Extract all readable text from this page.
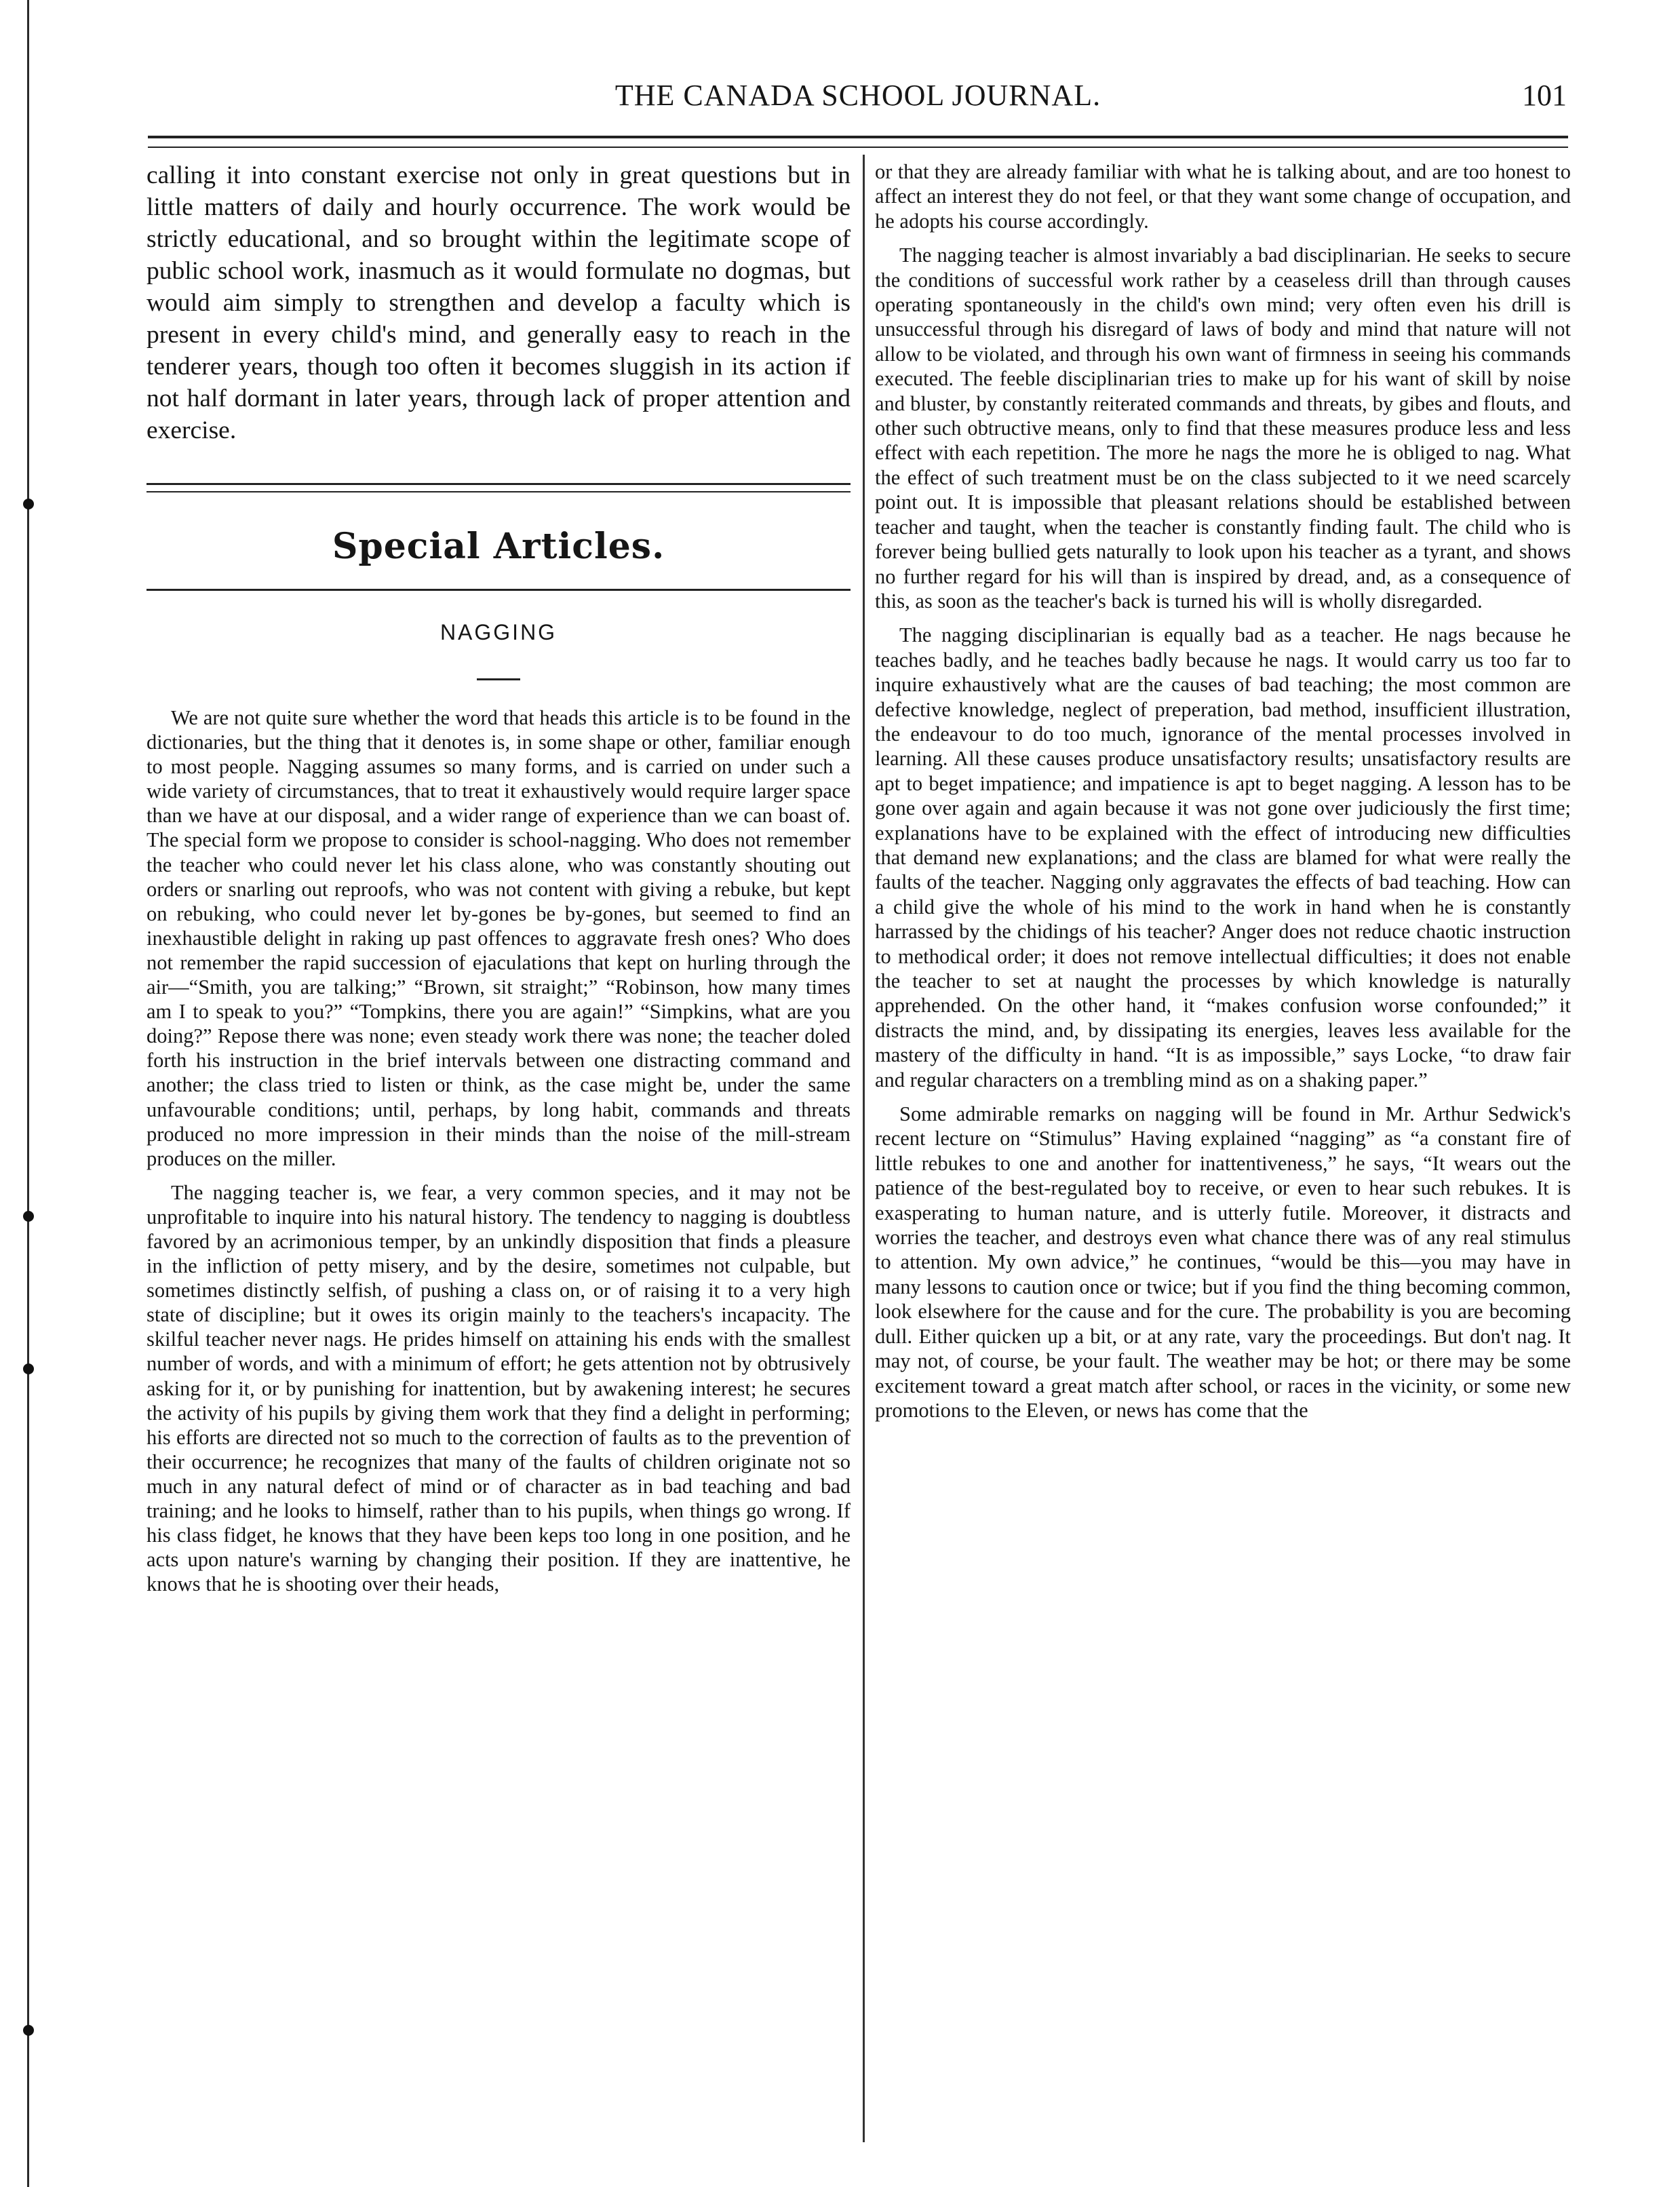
THE CANADA SCHOOL JOURNAL.	101

calling it into constant exercise not only in great questions but in little matters of daily and hourly occurrence. The work would be strictly educational, and so brought within the legitimate scope of public school work, inasmuch as it would formulate no dogmas, but would aim simply to strengthen and develop a faculty which is present in every child's mind, and generally easy to reach in the tenderer years, though too often it becomes sluggish in its action if not half dormant in later years, through lack of proper attention and exercise.

Special Articles.
NAGGING

We are not quite sure whether the word that heads this article is to be found in the dictionaries, but the thing that it denotes is, in some shape or other, familiar enough to most people. Nagging assumes so many forms, and is carried on under such a wide variety of circumstances, that to treat it exhaustively would require larger space than we have at our disposal, and a wider range of experience than we can boast of. The special form we propose to consider is school-nagging. Who does not remember the teacher who could never let his class alone, who was constantly shouting out orders or snarling out reproofs, who was not content with giving a rebuke, but kept on rebuking, who could never let by-gones be by-gones, but seemed to find an inexhaustible delight in raking up past offences to aggravate fresh ones? Who does not remember the rapid succession of ejaculations that kept on hurling through the air—“Smith, you are talking;” “Brown, sit straight;” “Robinson, how many times am I to speak to you?” “Tompkins, there you are again!” “Simpkins, what are you doing?” Repose there was none; even steady work there was none; the teacher doled forth his instruction in the brief intervals between one distracting command and another; the class tried to listen or think, as the case might be, under the same unfavourable conditions; until, perhaps, by long habit, commands and threats produced no more impression in their minds than the noise of the mill-stream produces on the miller.

The nagging teacher is, we fear, a very common species, and it may not be unprofitable to inquire into his natural history. The tendency to nagging is doubtless favored by an acrimonious temper, by an unkindly disposition that finds a pleasure in the infliction of petty misery, and by the desire, sometimes not culpable, but sometimes distinctly selfish, of pushing a class on, or of raising it to a very high state of discipline; but it owes its origin mainly to the teachers's incapacity. The skilful teacher never nags. He prides himself on attaining his ends with the smallest number of words, and with a minimum of effort; he gets attention not by obtrusively asking for it, or by punishing for inattention, but by awakening interest; he secures the activity of his pupils by giving them work that they find a delight in performing; his efforts are directed not so much to the correction of faults as to the prevention of their occurrence; he recognizes that many of the faults of children originate not so much in any natural defect of mind or of character as in bad teaching and bad training; and he looks to himself, rather than to his pupils, when things go wrong. If his class fidget, he knows that they have been keps too long in one position, and he acts upon nature's warning by changing their position. If they are inattentive, he knows that he is shooting over their heads,

or that they are already familiar with what he is talking about, and are too honest to affect an interest they do not feel, or that they want some change of occupation, and he adopts his course accordingly.

The nagging teacher is almost invariably a bad disciplinarian. He seeks to secure the conditions of successful work rather by a ceaseless drill than through causes operating spontaneously in the child's own mind; very often even his drill is unsuccessful through his disregard of laws of body and mind that nature will not allow to be violated, and through his own want of firmness in seeing his commands executed. The feeble disciplinarian tries to make up for his want of skill by noise and bluster, by constantly reiterated commands and threats, by gibes and flouts, and other such obtructive means, only to find that these measures produce less and less effect with each repetition. The more he nags the more he is obliged to nag. What the effect of such treatment must be on the class subjected to it we need scarcely point out. It is impossible that pleasant relations should be established between teacher and taught, when the teacher is constantly finding fault. The child who is forever being bullied gets naturally to look upon his teacher as a tyrant, and shows no further regard for his will than is inspired by dread, and, as a consequence of this, as soon as the teacher's back is turned his will is wholly disregarded.

The nagging disciplinarian is equally bad as a teacher. He nags because he teaches badly, and he teaches badly because he nags. It would carry us too far to inquire exhaustively what are the causes of bad teaching; the most common are defective knowledge, neglect of preperation, bad method, insufficient illustration, the endeavour to do too much, ignorance of the mental processes involved in learning. All these causes produce unsatisfactory results; unsatisfactory results are apt to beget impatience; and impatience is apt to beget nagging. A lesson has to be gone over again and again because it was not gone over judiciously the first time; explanations have to be explained with the effect of introducing new difficulties that demand new explanations; and the class are blamed for what were really the faults of the teacher. Nagging only aggravates the effects of bad teaching. How can a child give the whole of his mind to the work in hand when he is constantly harrassed by the chidings of his teacher? Anger does not reduce chaotic instruction to methodical order; it does not remove intellectual difficulties; it does not enable the teacher to set at naught the processes by which knowledge is naturally apprehended. On the other hand, it “makes confusion worse confounded;” it distracts the mind, and, by dissipating its energies, leaves less available for the mastery of the difficulty in hand. “It is as impossible,” says Locke, “to draw fair and regular characters on a trembling mind as on a shaking paper.”

Some admirable remarks on nagging will be found in Mr. Arthur Sedwick's recent lecture on “Stimulus” Having explained “nagging” as “a constant fire of little rebukes to one and another for inattentiveness,” he says, “It wears out the patience of the best-regulated boy to receive, or even to hear such rebukes. It is exasperating to human nature, and is utterly futile. Moreover, it distracts and worries the teacher, and destroys even what chance there was of any real stimulus to attention. My own advice,” he continues, “would be this—you may have in many lessons to caution once or twice; but if you find the thing becoming common, look elsewhere for the cause and for the cure. The probability is you are becoming dull. Either quicken up a bit, or at any rate, vary the proceedings. But don't nag. It may not, of course, be your fault. The weather may be hot; or there may be some excitement toward a great match after school, or races in the vicinity, or some new promotions to the Eleven, or news has come that the
